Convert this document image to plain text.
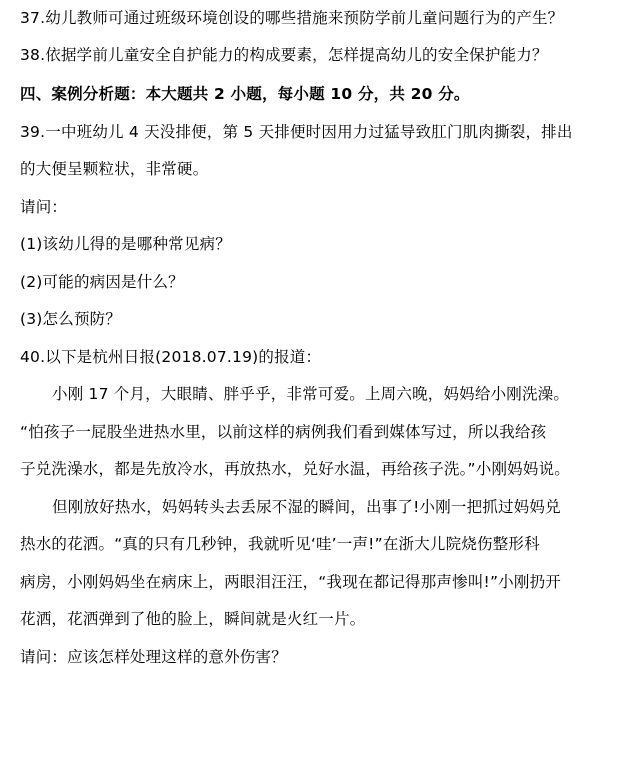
37.幼儿教师可通过班级环境创设的哪些措施来预防学前儿童问题行为的产生？
38.依据学前儿童安全自护能力的构成要素，怎样提高幼儿的安全保护能力？
四、案例分析题：本大题共 2 小题，每小题 10 分，共 20 分。
39.一中班幼儿 4 天没排便，第 5 天排便时因用力过猛导致肛门肌肉撕裂，排出
的大便呈颗粒状，非常硬。
请问：
(1)该幼儿得的是哪种常见病？
(2)可能的病因是什么？
(3)怎么预防？
40.以下是杭州日报(2018.07.19)的报道：
小刚 17 个月，大眼睛、胖乎乎，非常可爱。上周六晚，妈妈给小刚洗澡。
“怕孩子一屁股坐进热水里，以前这样的病例我们看到媒体写过，所以我给孩
子兑洗澡水，都是先放冷水，再放热水，兑好水温，再给孩子洗。”小刚妈妈说。
但刚放好热水，妈妈转头去丢尿不湿的瞬间，出事了!小刚一把抓过妈妈兑
热水的花洒。“真的只有几秒钟，我就听见‘哇’一声!”在浙大儿院烧伤整形科
病房，小刚妈妈坐在病床上，两眼泪汪汪，“我现在都记得那声惨叫!”小刚扔开
花洒，花洒弹到了他的脸上，瞬间就是火红一片。
请问：应该怎样处理这样的意外伤害？
